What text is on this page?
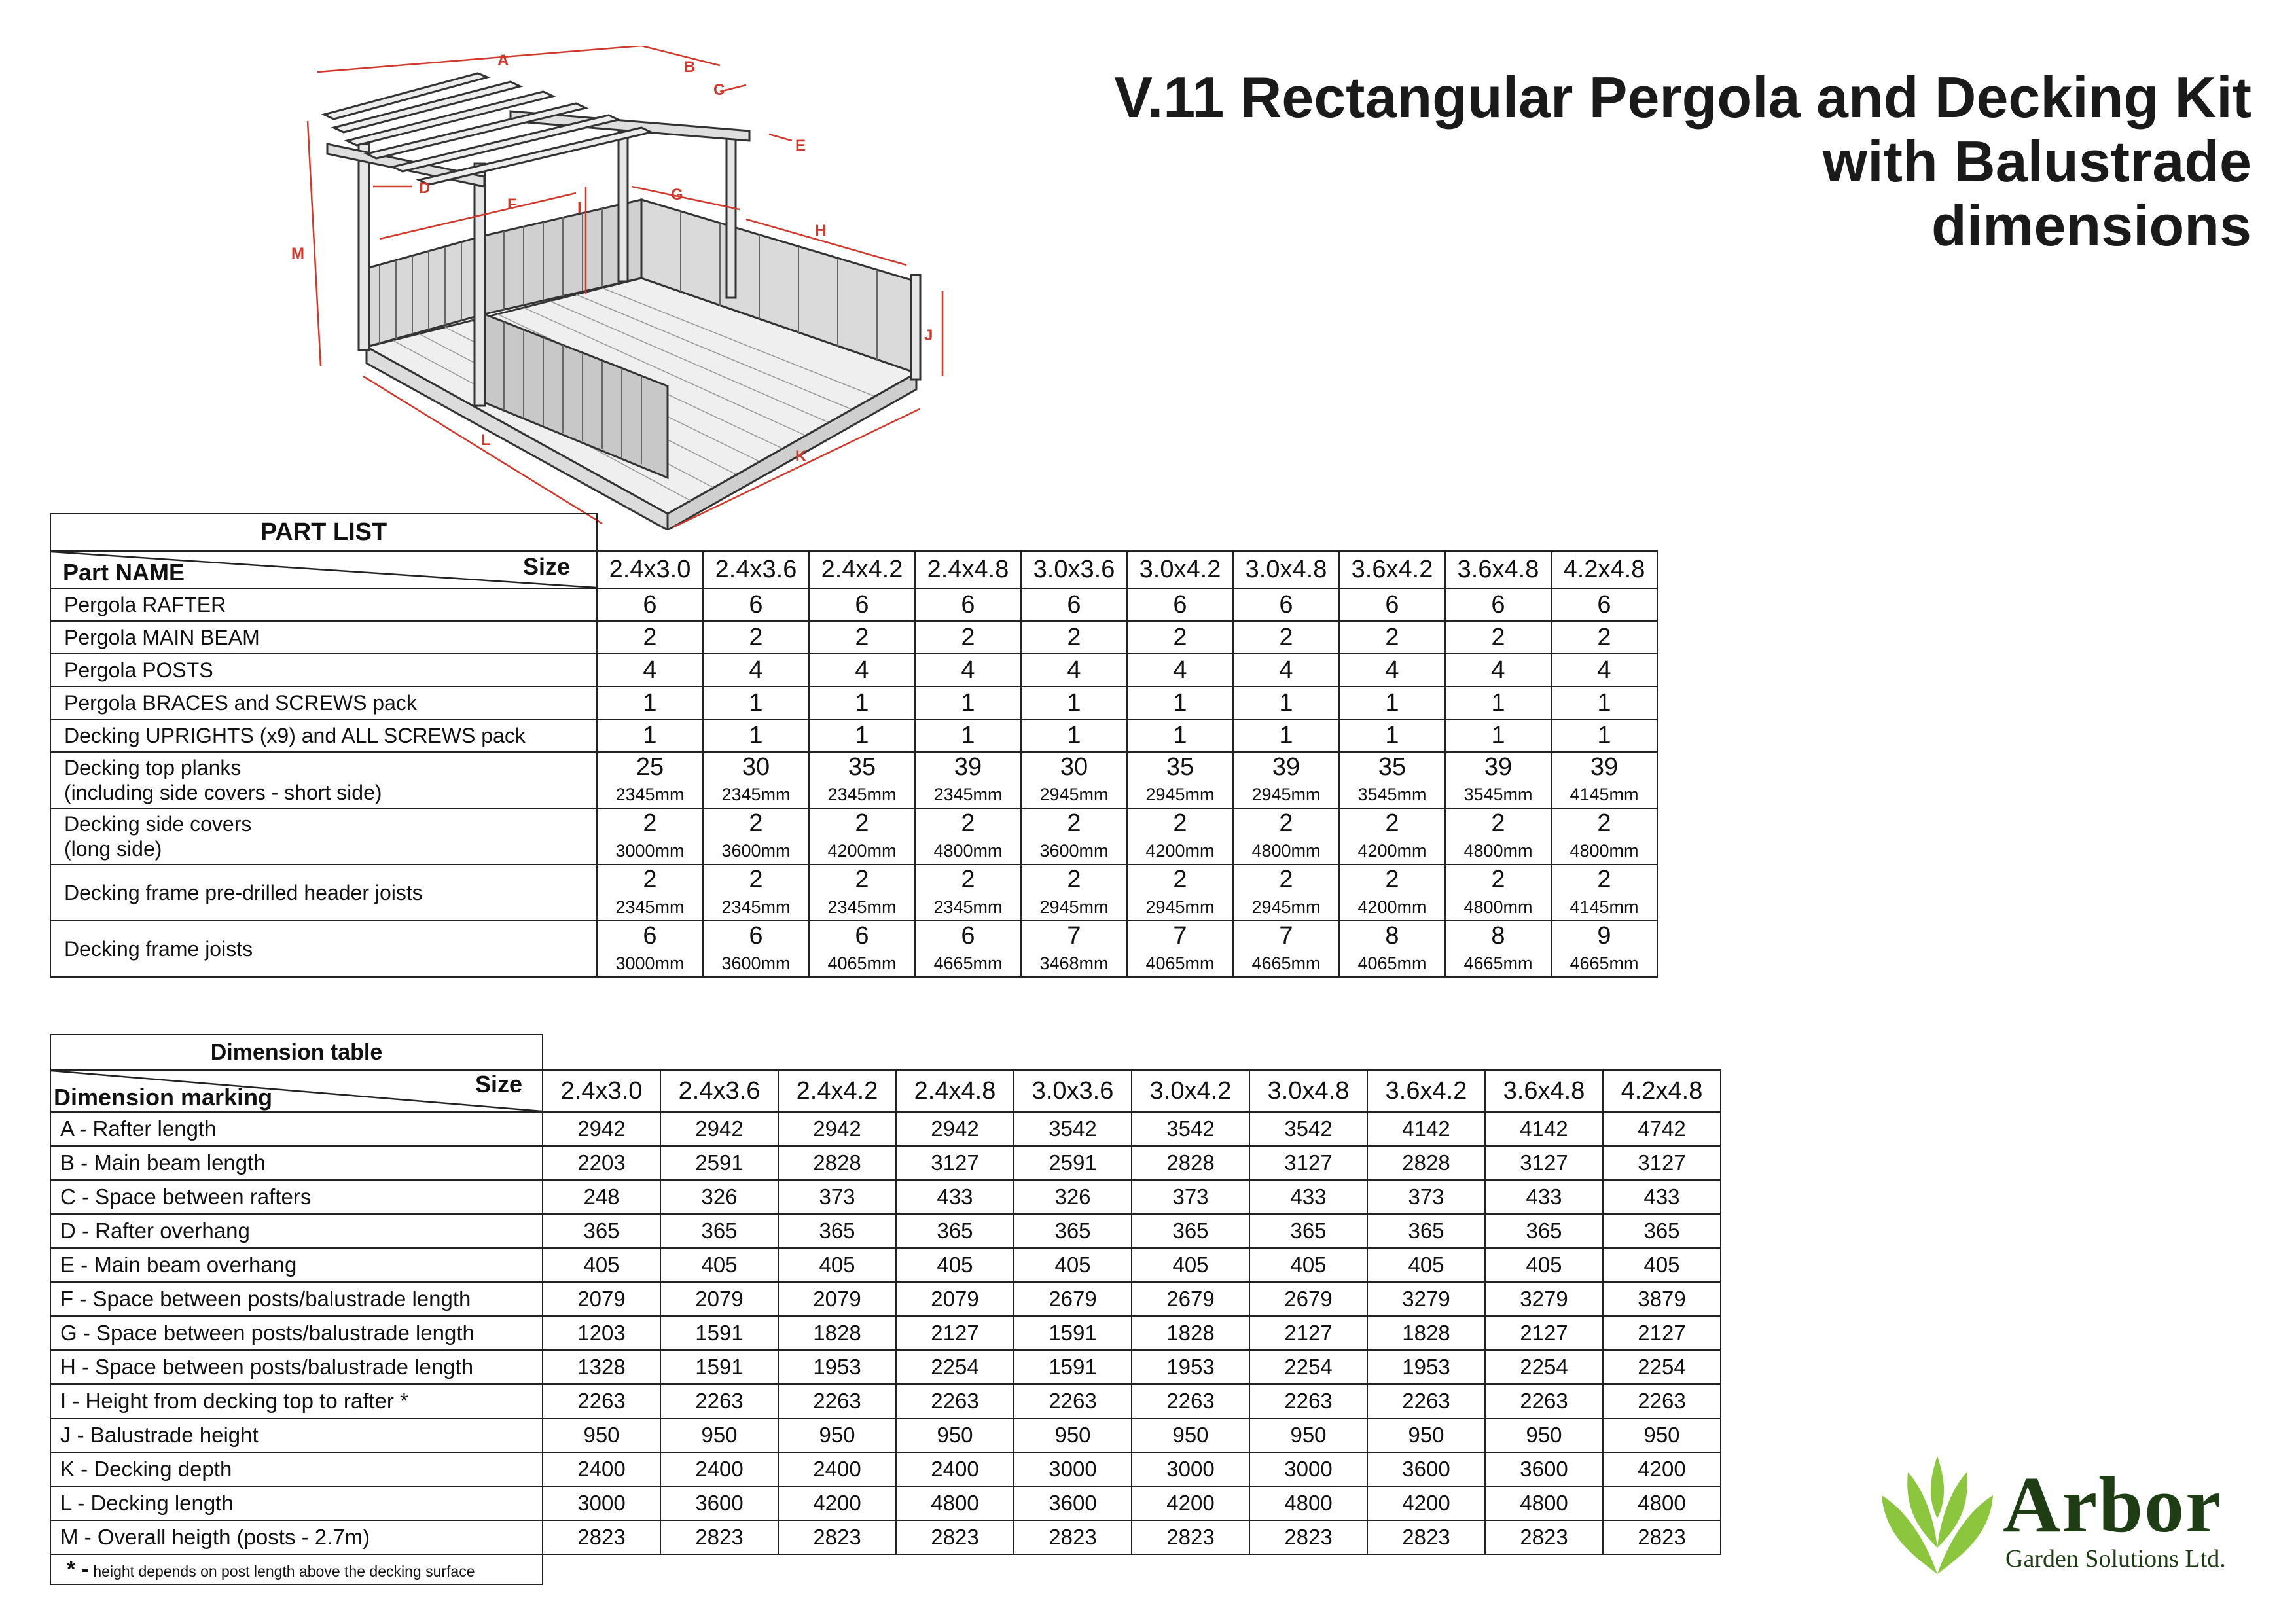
V.11 Rectangular Pergola and Decking Kit
with Balustrade
dimensions
A	B
C
D
E
F
G
H
I
J
K
L
M
PART LIST										

Size
Part NAME	2.4x3.0	2.4x3.6	2.4x4.2	2.4x4.8	3.0x3.6	3.0x4.2	3.0x4.8	3.6x4.2	3.6x4.8	4.2x4.8
Pergola RAFTER	6	6	6	6	6	6	6	6	6	6
Pergola MAIN BEAM	2	2	2	2	2	2	2	2	2	2
Pergola POSTS	4	4	4	4	4	4	4	4	4	4
Pergola BRACES and SCREWS pack	1	1	1	1	1	1	1	1	1	1
Decking UPRIGHTS (x9) and ALL SCREWS pack	1	1	1	1	1	1	1	1	1	1

Decking top planks
(including side covers - short side)	25	30	35	39	30	35	39	35	39	39
	2345mm	2345mm	2345mm	2345mm	2945mm	2945mm	2945mm	3545mm	3545mm	4145mm

Decking side covers
(long side)	2	2	2	2	2	2	2	2	2	2
	3000mm	3600mm	4200mm	4800mm	3600mm	4200mm	4800mm	4200mm	4800mm	4800mm

Decking frame pre-drilled header joists	2	2	2	2	2	2	2	2	2	2
	2345mm	2345mm	2345mm	2345mm	2945mm	2945mm	2945mm	4200mm	4800mm	4145mm

Decking frame joists	6	6	6	6	7	7	7	8	8	9
	3000mm	3600mm	4065mm	4665mm	3468mm	4065mm	4665mm	4065mm	4665mm	4665mm
Dimension table										

Size
Dimension marking	2.4x3.0	2.4x3.6	2.4x4.2	2.4x4.8	3.0x3.6	3.0x4.2	3.0x4.8	3.6x4.2	3.6x4.8	4.2x4.8
A - Rafter length	2942	2942	2942	2942	3542	3542	3542	4142	4142	4742
B - Main beam length	2203	2591	2828	3127	2591	2828	3127	2828	3127	3127
C - Space between rafters	248	326	373	433	326	373	433	373	433	433
D - Rafter overhang	365	365	365	365	365	365	365	365	365	365
E - Main beam overhang	405	405	405	405	405	405	405	405	405	405
F - Space between posts/balustrade length	2079	2079	2079	2079	2679	2679	2679	3279	3279	3879
G - Space between posts/balustrade length	1203	1591	1828	2127	1591	1828	2127	1828	2127	2127
H - Space between posts/balustrade length	1328	1591	1953	2254	1591	1953	2254	1953	2254	2254
I - Height from decking top to rafter *	2263	2263	2263	2263	2263	2263	2263	2263	2263	2263
J - Balustrade height	950	950	950	950	950	950	950	950	950	950
K - Decking depth	2400	2400	2400	2400	3000	3000	3000	3600	3600	4200
L - Decking length	3000	3600	4200	4800	3600	4200	4800	4200	4800	4800
M - Overall heigth (posts - 2.7m)	2823	2823	2823	2823	2823	2823	2823	2823	2823	2823
* - height depends on post length above the decking surface										
Arbor
Garden Solutions Ltd.
